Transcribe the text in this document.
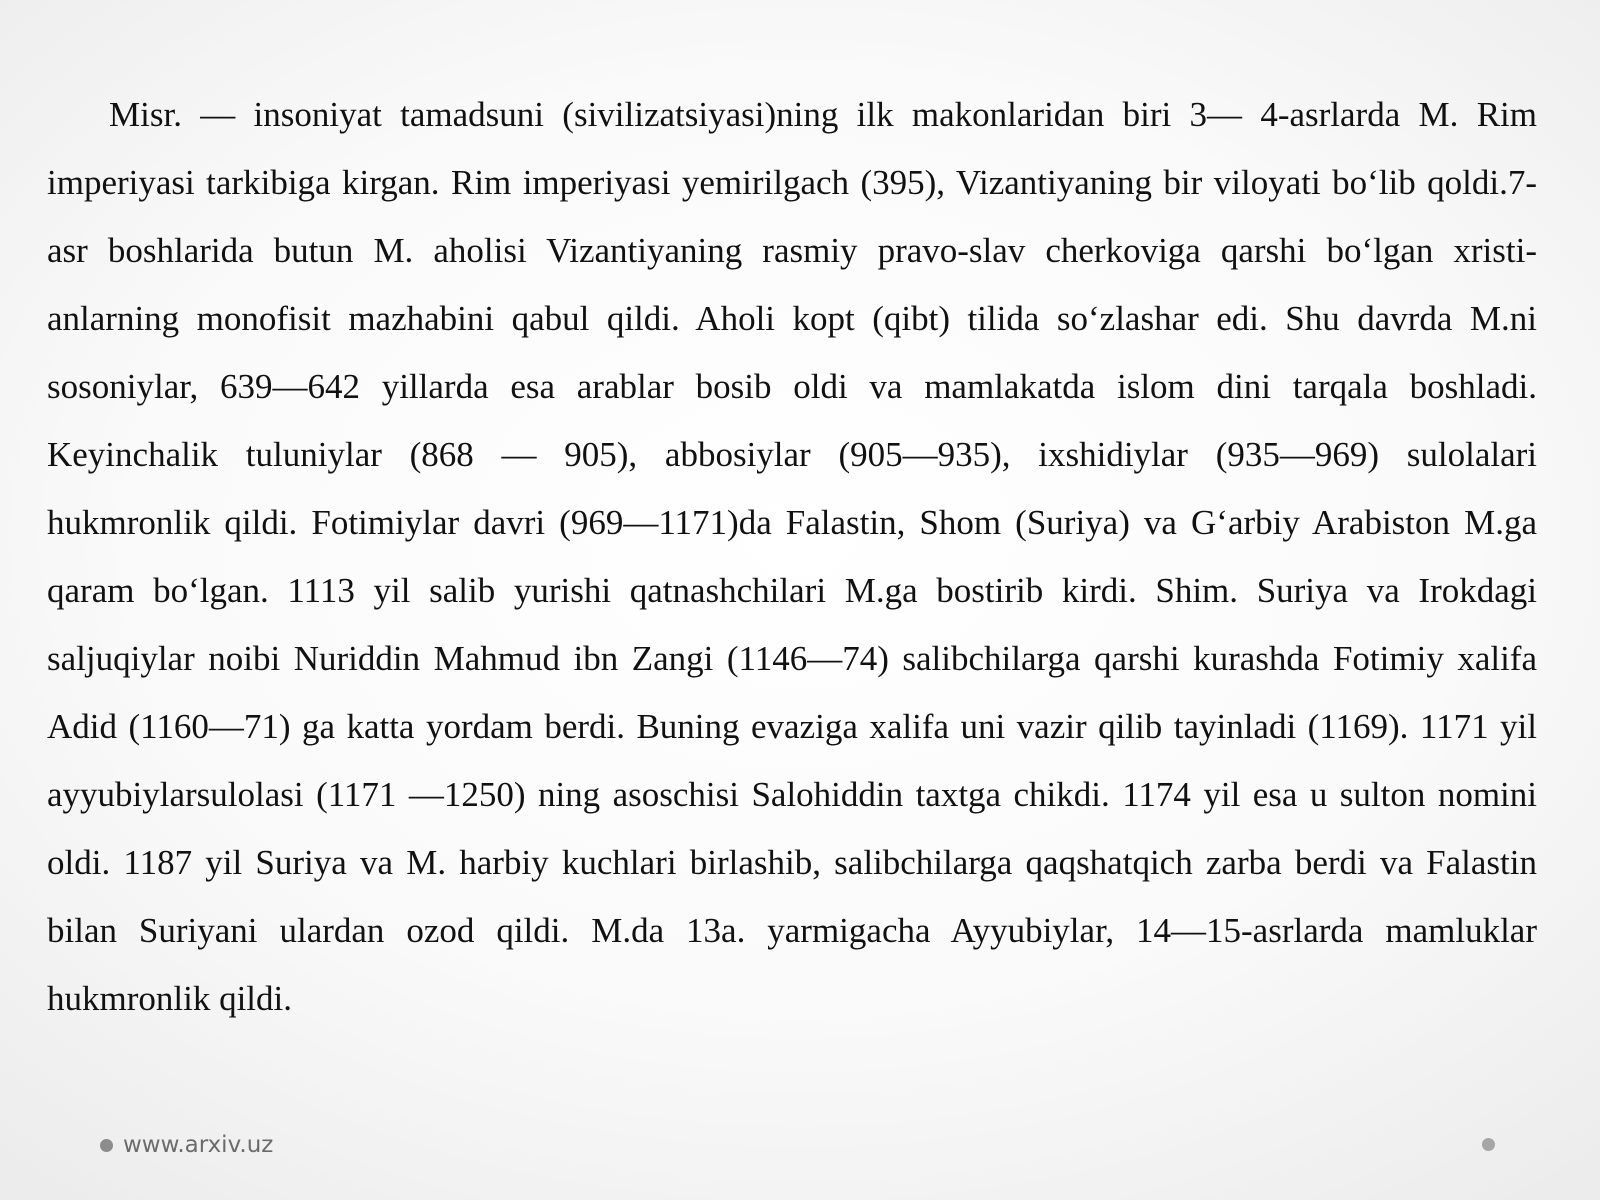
Misr. — insoniyat tamadsuni (sivilizatsiyasi)ning ilk makonlaridan biri 3— 4-asrlarda M. Rim imperiyasi tarkibiga kirgan. Rim imperiyasi yemirilgach (395), Vizantiyaning bir viloyati bo‘lib qoldi.7-asr boshlarida butun M. aholisi Vizantiyaning rasmiy pravo-slav cherkoviga qarshi bo‘lgan xristi-anlarning monofisit mazhabini qabul qildi. Aholi kopt (qibt) tilida so‘zlashar edi. Shu davrda M.ni sosoniylar, 639—642 yillarda esa arablar bosib oldi va mamlakatda islom dini tarqala boshladi. Keyinchalik tuluniylar (868 — 905), abbosiylar (905—935), ixshidiylar (935—969) sulolalari hukmronlik qildi. Fotimiylar davri (969—1171)da Falastin, Shom (Suriya) va G‘arbiy Arabiston M.ga qaram bo‘lgan. 1113 yil salib yurishi qatnashchilari M.ga bostirib kirdi. Shim. Suriya va Irokdagi saljuqiylar noibi Nuriddin Mahmud ibn Zangi (1146—74) salibchilarga qarshi kurashda Fotimiy xalifa Adid (1160—71) ga katta yordam berdi. Buning evaziga xalifa uni vazir qilib tayinladi (1169). 1171 yil ayyubiylarsulolasi (1171 —1250) ning asoschisi Salohiddin taxtga chikdi. 1174 yil esa u sulton nomini oldi. 1187 yil Suriya va M. harbiy kuchlari birlashib, salibchilarga qaqshatqich zarba berdi va Falastin bilan Suriyani ulardan ozod qildi. M.da 13a. yarmigacha Ayyubiylar, 14—15-asrlarda mamluklar hukmronlik qildi.

www.arxiv.uz
